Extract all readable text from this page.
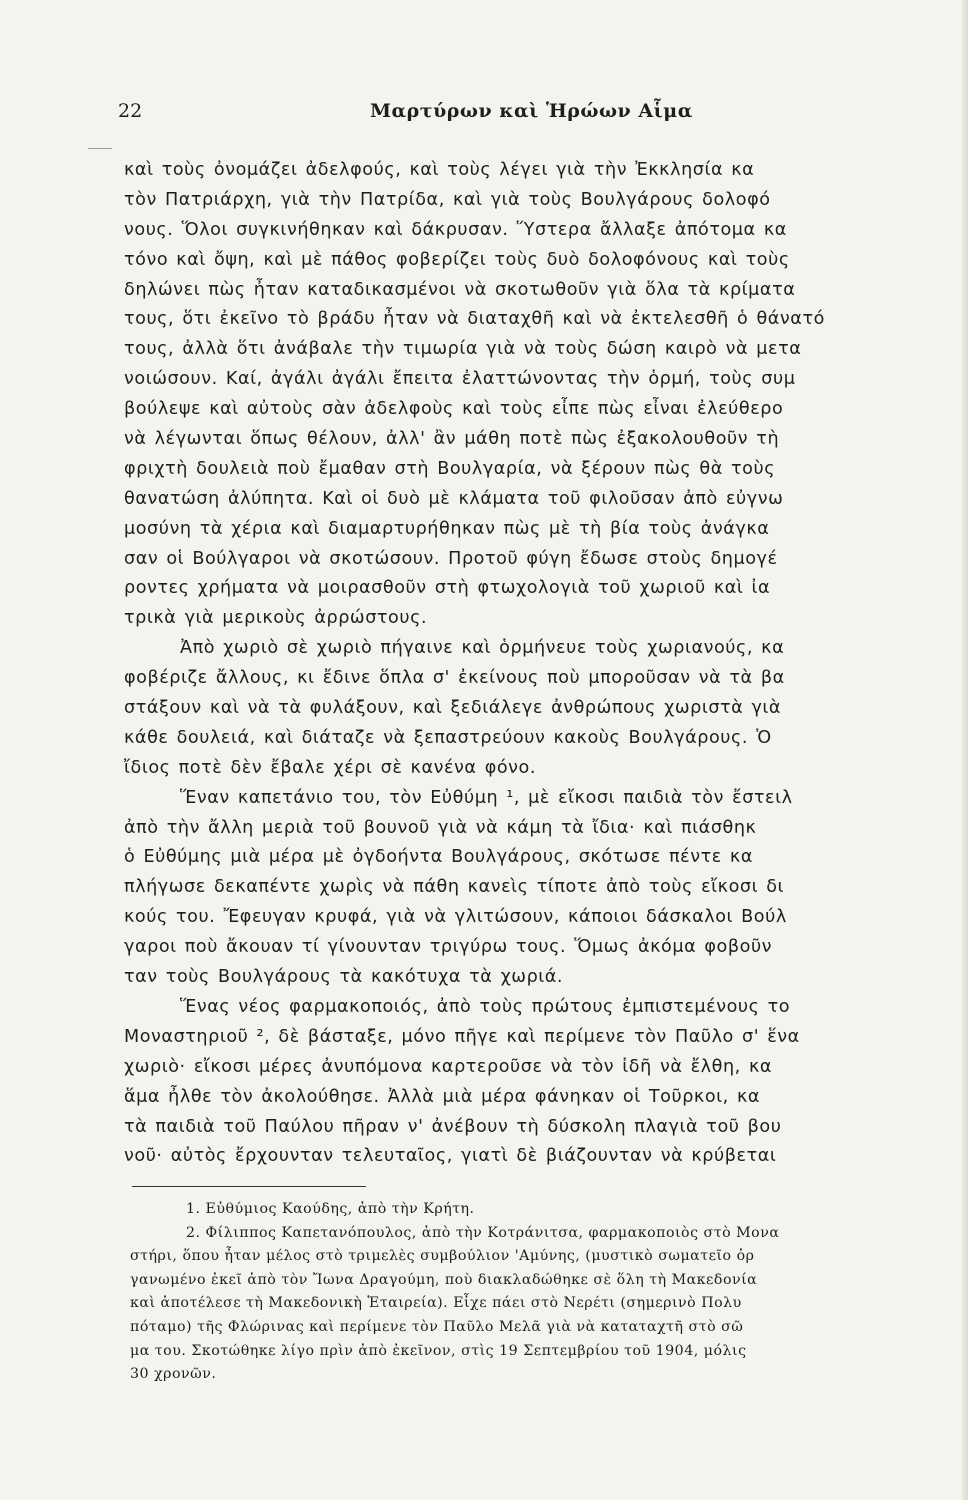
22	Μαρτύρων καὶ Ἡρώων Αἷμα
καὶ τοὺς ὀνομάζει ἀδελφούς, καὶ τοὺς λέγει γιὰ τὴν Ἐκκλησία κα
τὸν Πατριάρχη, γιὰ τὴν Πατρίδα, καὶ γιὰ τοὺς Βουλγάρους δολοφό
νους. Ὅλοι συγκινήθηκαν καὶ δάκρυσαν. Ὕστερα ἄλλαξε ἀπότομα κα
τόνο καὶ ὄψη, καὶ μὲ πάθος φοβερίζει τοὺς δυὸ δολοφόνους καὶ τοὺς
δηλώνει πὼς ἦταν καταδικασμένοι νὰ σκοτωθοῦν γιὰ ὅλα τὰ κρίματα
τους, ὅτι ἐκεῖνο τὸ βράδυ ἦταν νὰ διαταχθῆ καὶ νὰ ἐκτελεσθῆ ὁ θάνατό
τους, ἀλλὰ ὅτι ἀνάβαλε τὴν τιμωρία γιὰ νὰ τοὺς δώση καιρὸ νὰ μετα
νοιώσουν. Καί, ἀγάλι ἀγάλι ἔπειτα ἐλαττώνοντας τὴν ὁρμή, τοὺς συμ
βούλεψε καὶ αὐτοὺς σὰν ἀδελφοὺς καὶ τοὺς εἶπε πὼς εἶναι ἐλεύθερο
νὰ λέγωνται ὅπως θέλουν, ἀλλ' ἂν μάθη ποτὲ πὼς ἐξακολουθοῦν τὴ
φριχτὴ δουλειὰ ποὺ ἔμαθαν στὴ Βουλγαρία, νὰ ξέρουν πὼς θὰ τοὺς
θανατώση ἀλύπητα. Καὶ οἱ δυὸ μὲ κλάματα τοῦ φιλοῦσαν ἀπὸ εὐγνω
μοσύνη τὰ χέρια καὶ διαμαρτυρήθηκαν πὼς μὲ τὴ βία τοὺς ἀνάγκα
σαν οἱ Βούλγαροι νὰ σκοτώσουν. Προτοῦ φύγη ἔδωσε στοὺς δημογέ
ροντες χρήματα νὰ μοιρασθοῦν στὴ φτωχολογιὰ τοῦ χωριοῦ καὶ ἰα
τρικὰ γιὰ μερικοὺς ἀρρώστους.
Ἀπὸ χωριὸ σὲ χωριὸ πήγαινε καὶ ὁρμήνευε τοὺς χωριανούς, κα
φοβέριζε ἄλλους, κι ἔδινε ὅπλα σ' ἐκείνους ποὺ μποροῦσαν νὰ τὰ βα
στάξουν καὶ νὰ τὰ φυλάξουν, καὶ ξεδιάλεγε ἀνθρώπους χωριστὰ γιὰ
κάθε δουλειά, καὶ διάταζε νὰ ξεπαστρεύουν κακοὺς Βουλγάρους. Ὁ
ἴδιος ποτὲ δὲν ἔβαλε χέρι σὲ κανένα φόνο.
Ἕναν καπετάνιο του, τὸν Εὐθύμη ¹, μὲ εἴκοσι παιδιὰ τὸν ἔστειλ
ἀπὸ τὴν ἄλλη μεριὰ τοῦ βουνοῦ γιὰ νὰ κάμη τὰ ἴδια· καὶ πιάσθηκ
ὁ Εὐθύμης μιὰ μέρα μὲ ὀγδοήντα Βουλγάρους, σκότωσε πέντε κα
πλήγωσε δεκαπέντε χωρὶς νὰ πάθη κανεὶς τίποτε ἀπὸ τοὺς εἴκοσι δι
κούς του. Ἔφευγαν κρυφά, γιὰ νὰ γλιτώσουν, κάποιοι δάσκαλοι Βούλ
γαροι ποὺ ἄκουαν τί γίνουνταν τριγύρω τους. Ὅμως ἀκόμα φοβοῦν
ταν τοὺς Βουλγάρους τὰ κακότυχα τὰ χωριά.
Ἕνας νέος φαρμακοποιός, ἀπὸ τοὺς πρώτους ἐμπιστεμένους το
Μοναστηριοῦ ², δὲ βάσταξε, μόνο πῆγε καὶ περίμενε τὸν Παῦλο σ' ἕνα
χωριὸ· εἴκοσι μέρες ἀνυπόμονα καρτεροῦσε νὰ τὸν ἰδῆ νὰ ἔλθη, κα
ἅμα ἦλθε τὸν ἀκολούθησε. Ἀλλὰ μιὰ μέρα φάνηκαν οἱ Τοῦρκοι, κα
τὰ παιδιὰ τοῦ Παύλου πῆραν ν' ἀνέβουν τὴ δύσκολη πλαγιὰ τοῦ βου
νοῦ· αὐτὸς ἔρχουνταν τελευταῖος, γιατὶ δὲ βιάζουνταν νὰ κρύβεται
1. Εὐθύμιος Καούδης, ἀπὸ τὴν Κρήτη.
2. Φίλιππος Καπετανόπουλος, ἀπὸ τὴν Κοτράνιτσα, φαρμακοποιὸς στὸ Μονα
στήρι, ὅπου ἦταν μέλος στὸ τριμελὲς συμβούλιον 'Αμύνης, (μυστικὸ σωματεῖο ὀρ
γανωμένο ἐκεῖ ἀπὸ τὸν Ἴωνα Δραγούμη, ποὺ διακλαδώθηκε σὲ ὅλη τὴ Μακεδονία
καὶ ἀποτέλεσε τὴ Μακεδονικὴ Ἑταιρεία). Εἶχε πάει στὸ Νερέτι (σημερινὸ Πολυ
πόταμο) τῆς Φλώρινας καὶ περίμενε τὸν Παῦλο Μελᾶ γιὰ νὰ καταταχτῆ στὸ σῶ
μα του. Σκοτώθηκε λίγο πρὶν ἀπὸ ἐκεῖνον, στὶς 19 Σεπτεμβρίου τοῦ 1904, μόλις
30 χρονῶν.
